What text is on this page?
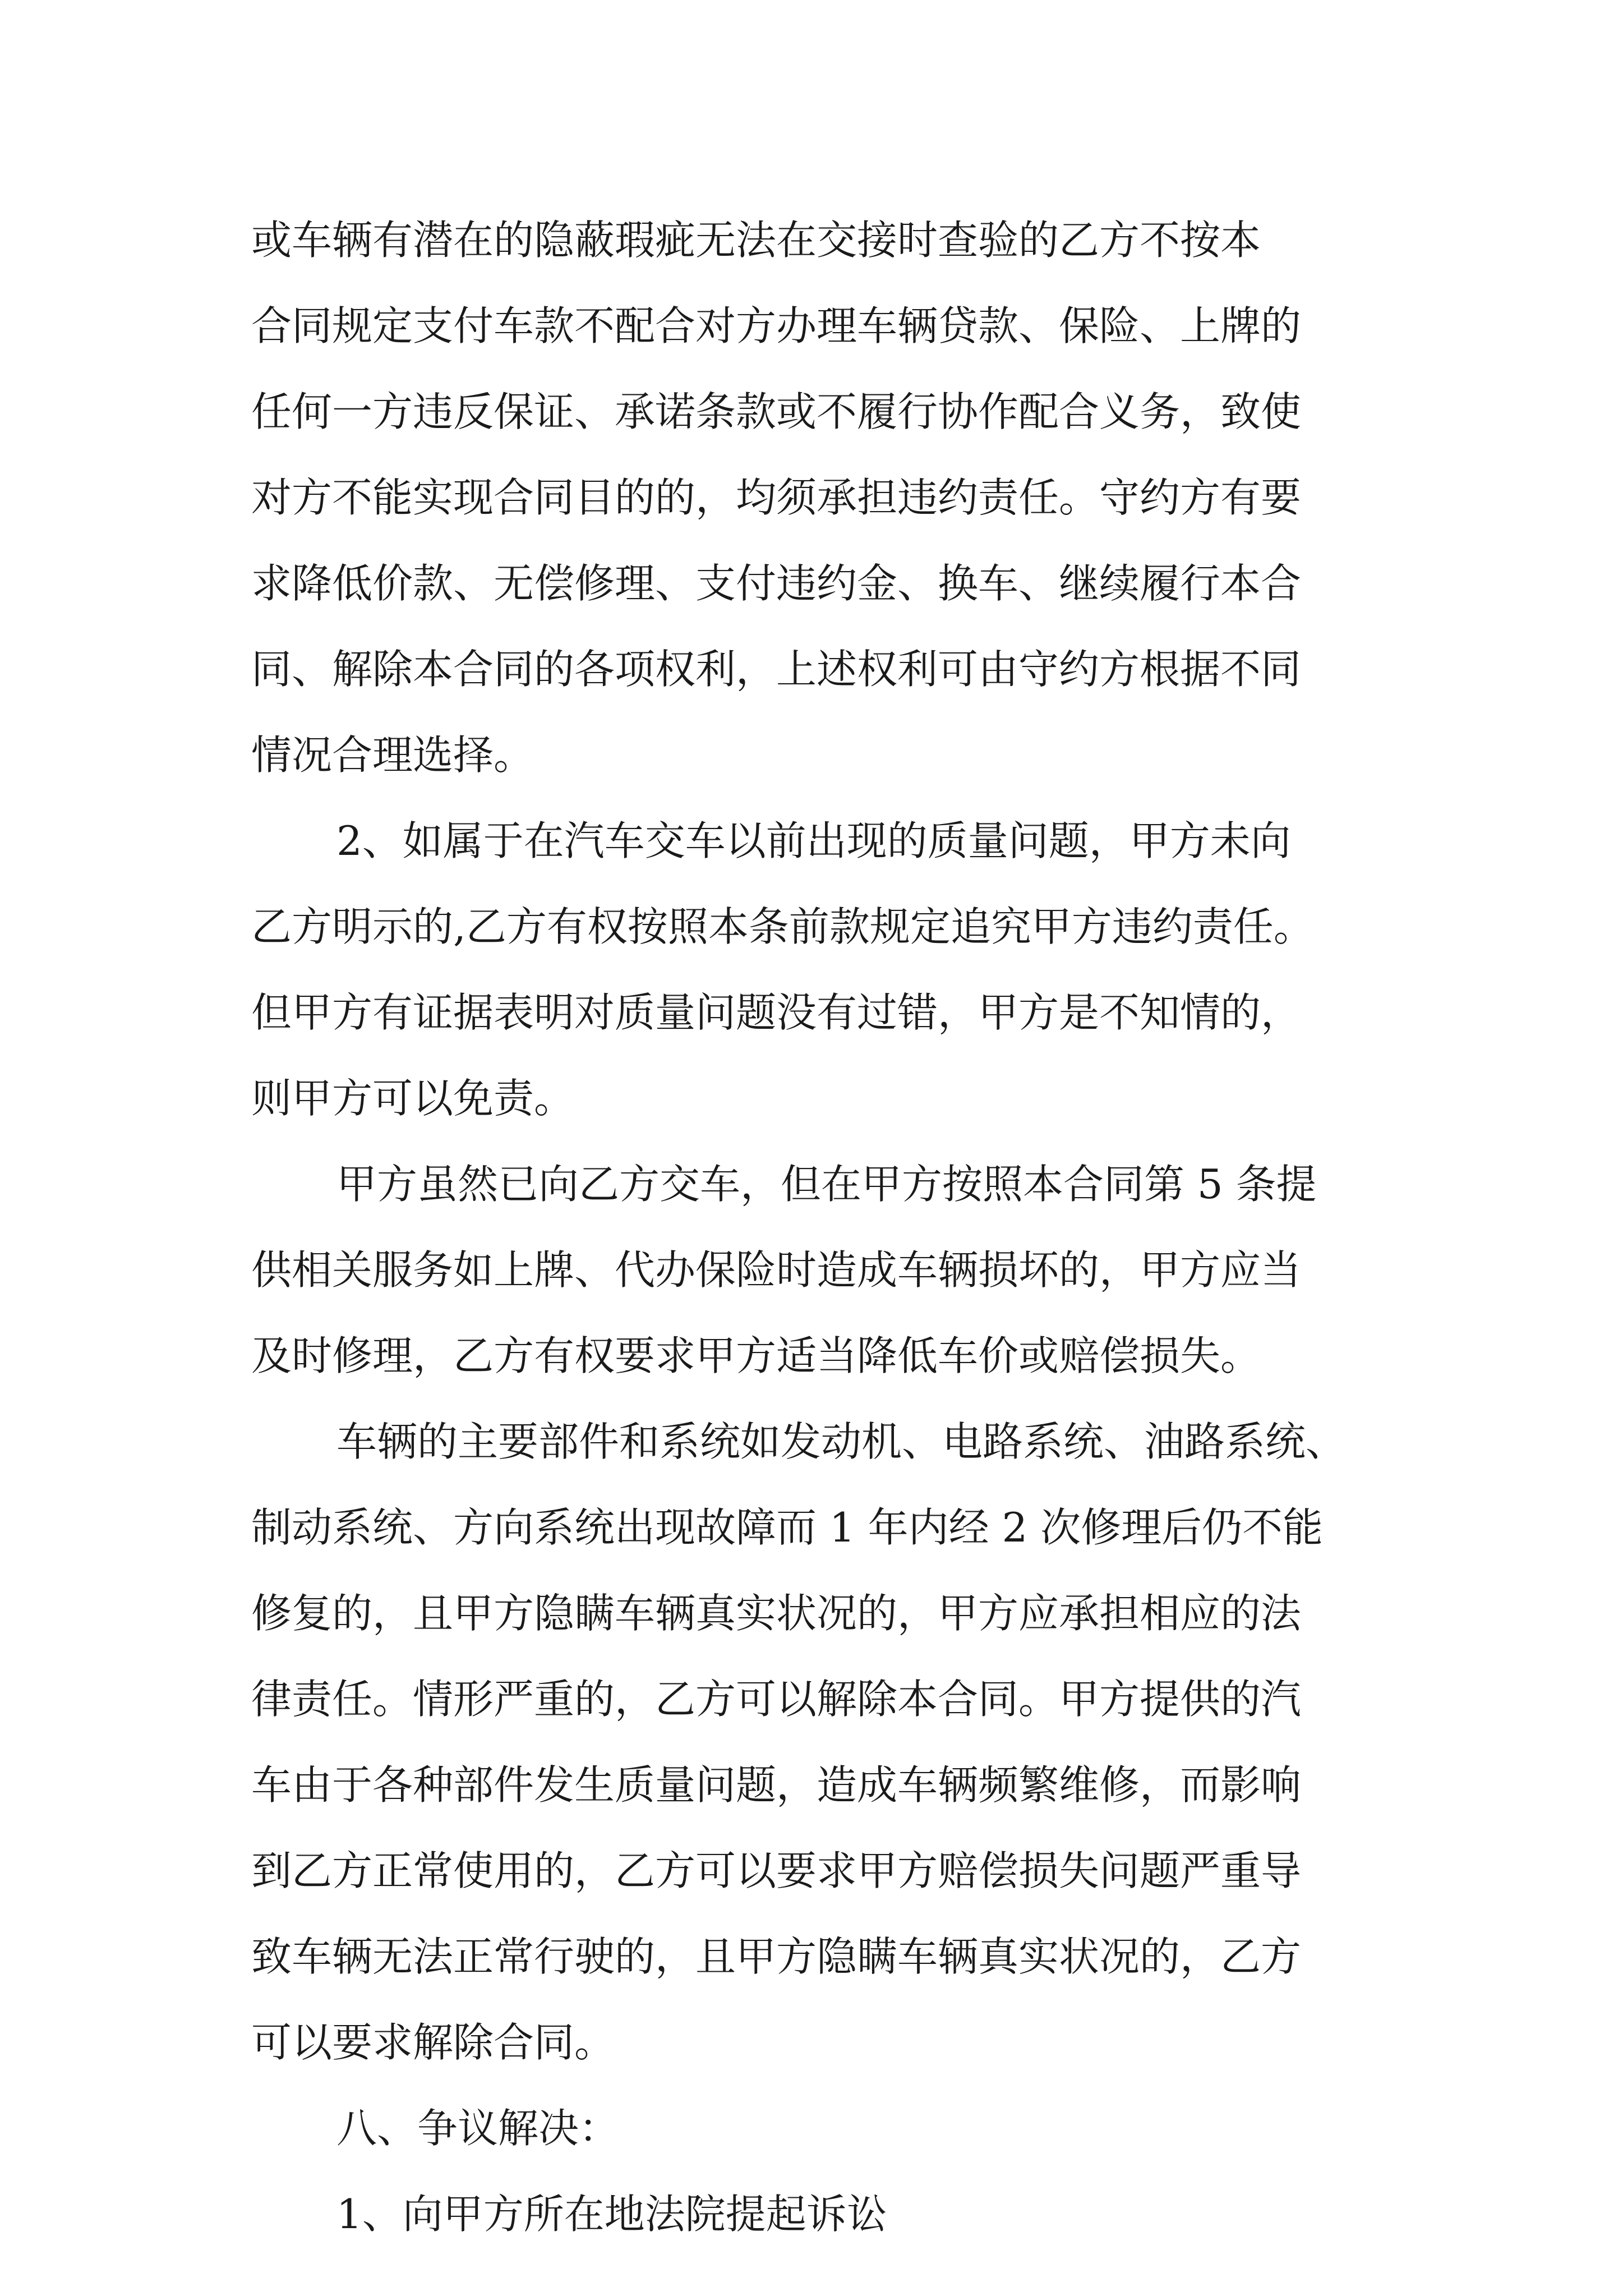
或车辆有潜在的隐蔽瑕疵无法在交接时查验的乙方不按本

合同规定支付车款不配合对方办理车辆贷款、保险、上牌的

任何一方违反保证、承诺条款或不履行协作配合义务，致使

对方不能实现合同目的的，均须承担违约责任。守约方有要

求降低价款、无偿修理、支付违约金、换车、继续履行本合

同、解除本合同的各项权利，上述权利可由守约方根据不同

情况合理选择。

2、如属于在汽车交车以前出现的质量问题，甲方未向

乙方明示的,乙方有权按照本条前款规定追究甲方违约责任。

但甲方有证据表明对质量问题没有过错，甲方是不知情的，

则甲方可以免责。

甲方虽然已向乙方交车，但在甲方按照本合同第 5 条提

供相关服务如上牌、代办保险时造成车辆损坏的，甲方应当

及时修理，乙方有权要求甲方适当降低车价或赔偿损失。

车辆的主要部件和系统如发动机、电路系统、油路系统、

制动系统、方向系统出现故障而 1 年内经 2 次修理后仍不能

修复的，且甲方隐瞒车辆真实状况的，甲方应承担相应的法

律责任。情形严重的，乙方可以解除本合同。甲方提供的汽

车由于各种部件发生质量问题，造成车辆频繁维修，而影响

到乙方正常使用的，乙方可以要求甲方赔偿损失问题严重导

致车辆无法正常行驶的，且甲方隐瞒车辆真实状况的，乙方

可以要求解除合同。

八、争议解决：

1、向甲方所在地法院提起诉讼
